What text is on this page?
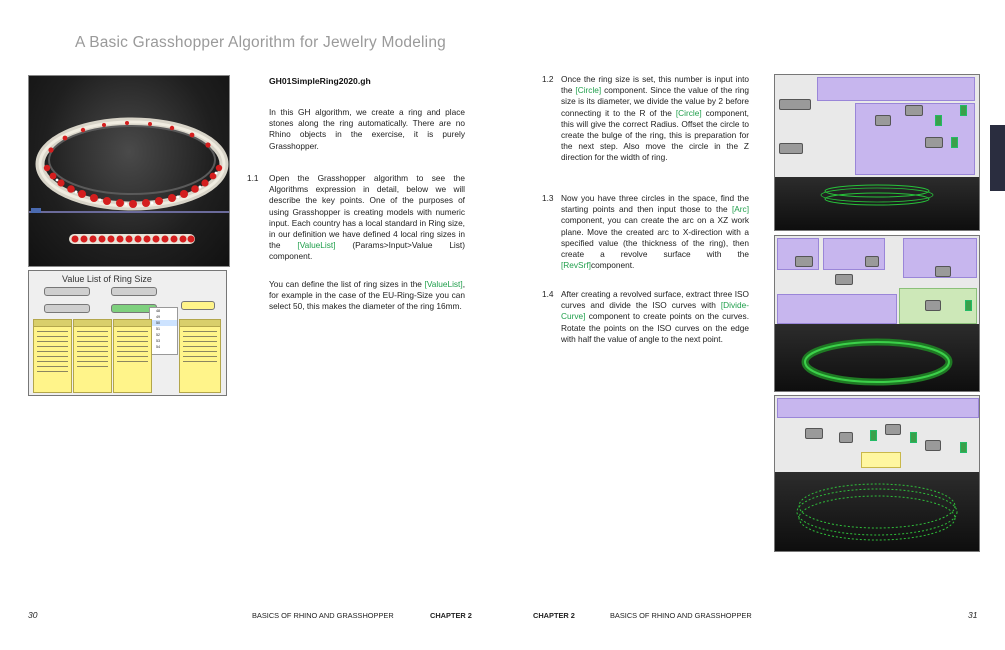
A Basic Grasshopper Algorithm for Jewelry Modeling
Value List of Ring Size
48
49
50
51
52
53
54
GH01SimpleRing2020.gh
In this GH algorithm, we create a ring and place stones along the ring automatically. There are no Rhino objects in the exercise, it is purely Grasshopper.
1.1 Open the Grasshopper algorithm to see the Algorithms expression in detail, below we will describe the key points. One of the purposes of using Grasshopper is creating models with numeric input. Each country has a local standard in Ring size, in our definition we have defined 4 local ring sizes in the [ValueList] (Params>Input>Value List) component.
You can define the list of ring sizes in the [ValueList], for example in the case of the EU-Ring-Size you can select 50, this makes the diameter of the ring 16mm.
1.2 Once the ring size is set, this number is input into the [Circle] component. Since the value of the ring size is its diameter, we divide the value by 2 before connecting it to the R of the [Circle] component, this will give the correct Radius. Offset the circle to create the bulge of the ring, this is preparation for the next step. Also move the circle in the Z direction for the width of ring.
1.3 Now you have three circles in the space, find the starting points and then input those to the [Arc] component, you can create the arc on a XZ work plane. Move the created arc to X-direction with a specified value (the thickness of the ring), then create a revolve surface with the [RevSrf]component.
1.4 After creating a revolved surface, extract three ISO curves and divide the ISO curves with [Divide-Curve] component to create points on the curves. Rotate the points on the ISO curves on the edge with half the value of angle to the next point.
30	BASICS OF RHINO AND GRASSHOPPER	CHAPTER 2	CHAPTER 2	BASICS OF RHINO AND GRASSHOPPER	31
